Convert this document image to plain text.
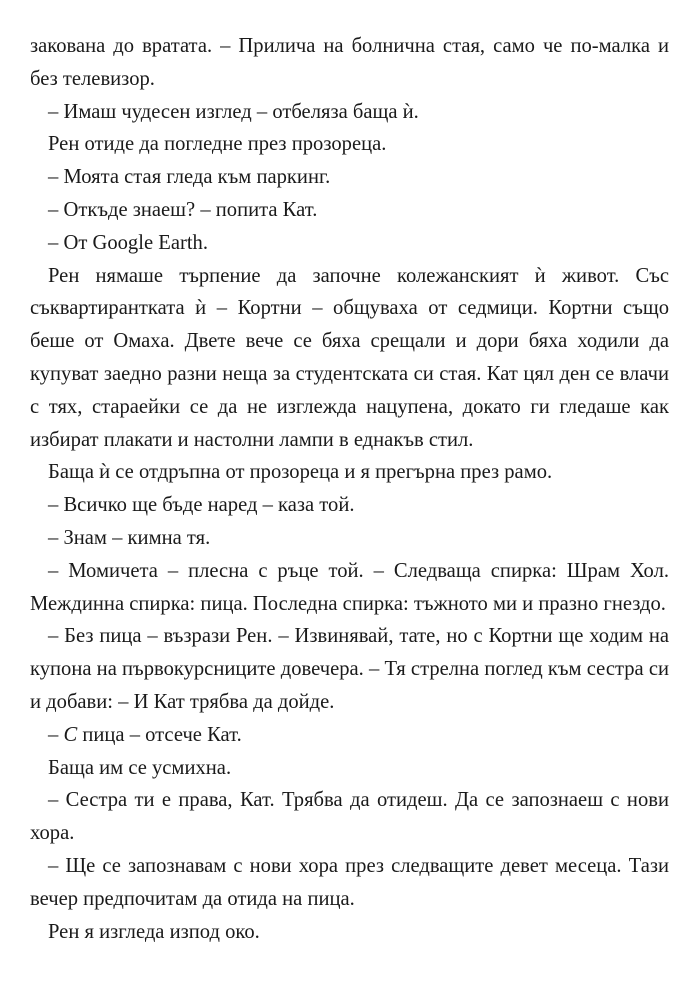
закована до вратата. – Прилича на болнична стая, само че по-малка и без телевизор.

– Имаш чудесен изглед – отбеляза баща ѝ.

Рен отиде да погледне през прозореца.

– Моята стая гледа към паркинг.

– Откъде знаеш? – попита Кат.

– От Google Earth.

Рен нямаше търпение да започне колежанският ѝ живот. Със съквартирантката ѝ – Кортни – общуваха от седмици. Кортни също беше от Омаха. Двете вече се бяха срещали и дори бяха ходили да купуват заедно разни неща за студентската си стая. Кат цял ден се влачи с тях, стараейки се да не изглежда нацупена, докато ги гледаше как избират плакати и настолни лампи в еднакъв стил.

Баща ѝ се отдръпна от прозореца и я прегърна през рамо.

– Всичко ще бъде наред – каза той.

– Знам – кимна тя.

– Момичета – плесна с ръце той. – Следваща спирка: Шрам Хол. Междинна спирка: пица. Последна спирка: тъжното ми и празно гнездо.

– Без пица – възрази Рен. – Извинявай, тате, но с Кортни ще ходим на купона на първокурсниците довечера. – Тя стрелна поглед към сестра си и добави: – И Кат трябва да дойде.

– С пица – отсече Кат.

Баща им се усмихна.

– Сестра ти е права, Кат. Трябва да отидеш. Да се запознаеш с нови хора.

– Ще се запознавам с нови хора през следващите девет месеца. Тази вечер предпочитам да отида на пица.

Рен я изгледа изпод око.
